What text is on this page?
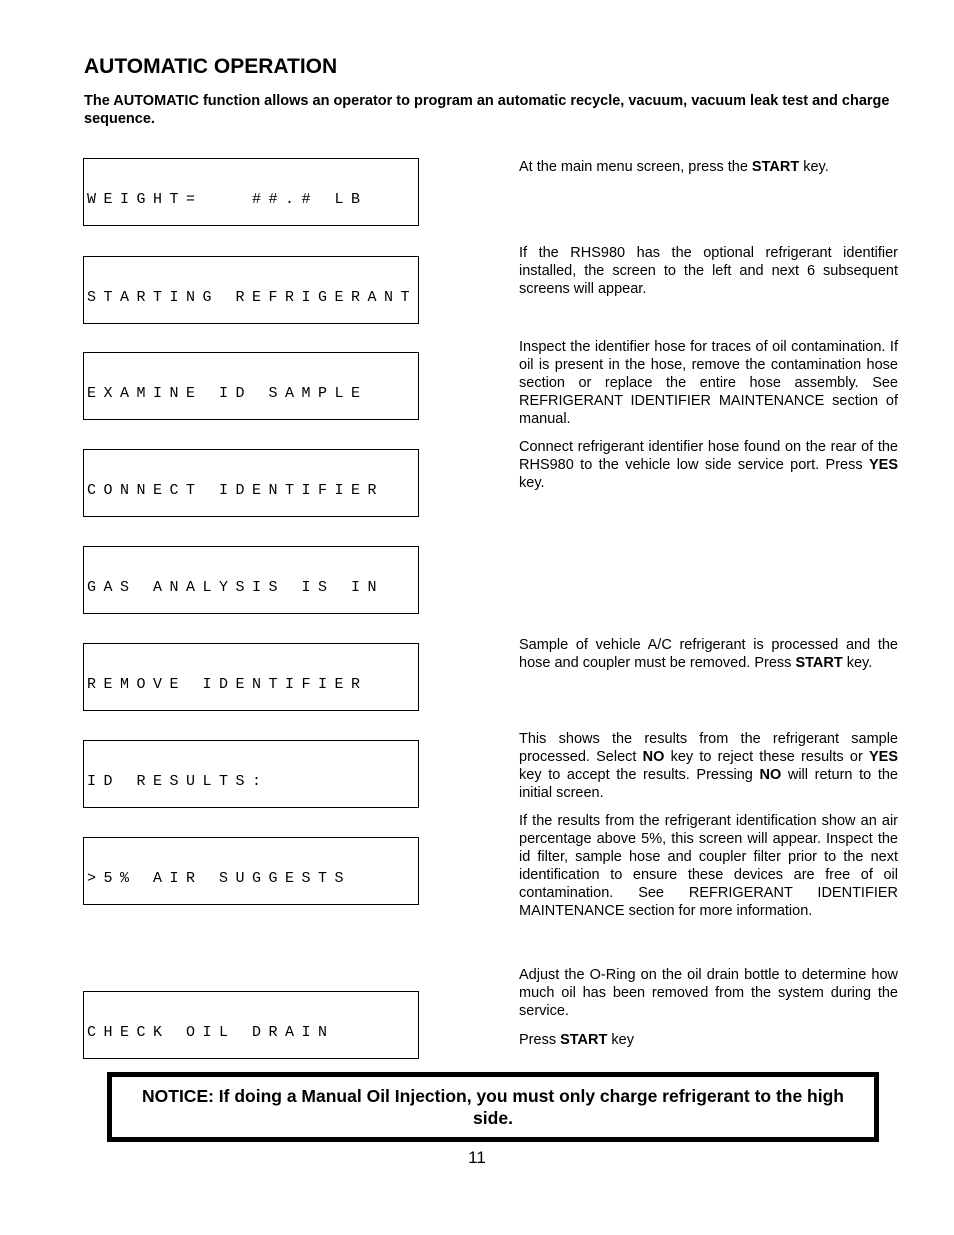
AUTOMATIC OPERATION

The AUTOMATIC function allows an operator to program an automatic recycle, vacuum, vacuum leak test and charge sequence.

WEIGHT=   ##.# LB

STARTING REFRIGERANT

EXAMINE ID SAMPLE

CONNECT IDENTIFIER

GAS ANALYSIS IS IN

REMOVE IDENTIFIER

ID RESULTS:

>5% AIR SUGGESTS

CHECK OIL DRAIN

At the main menu screen, press the START key.

If the RHS980 has the optional refrigerant identifier installed, the screen to the left and next 6 subsequent screens will appear.

Inspect the identifier hose for traces of oil contamination. If oil is present in the hose, remove the contamination hose section or replace the entire hose assembly. See REFRIGERANT IDENTIFIER MAINTENANCE section of manual.

Connect refrigerant identifier hose found on the rear of the RHS980 to the vehicle low side service port. Press YES key.

Sample of vehicle A/C refrigerant is processed and the hose and coupler must be removed. Press START key.

This shows the results from the refrigerant sample processed. Select NO key to reject these results or YES key to accept the results. Pressing NO will return to the initial screen.

If the results from the refrigerant identification show an air percentage above 5%, this screen will appear. Inspect the id filter, sample hose and coupler filter prior to the next identification to ensure these devices are free of oil contamination. See REFRIGERANT IDENTIFIER MAINTENANCE section for more information.

Adjust the O-Ring on the oil drain bottle to determine how much oil has been removed from the system during the service.

Press START key

NOTICE: If doing a Manual Oil Injection, you must only charge refrigerant to the high side.
11
